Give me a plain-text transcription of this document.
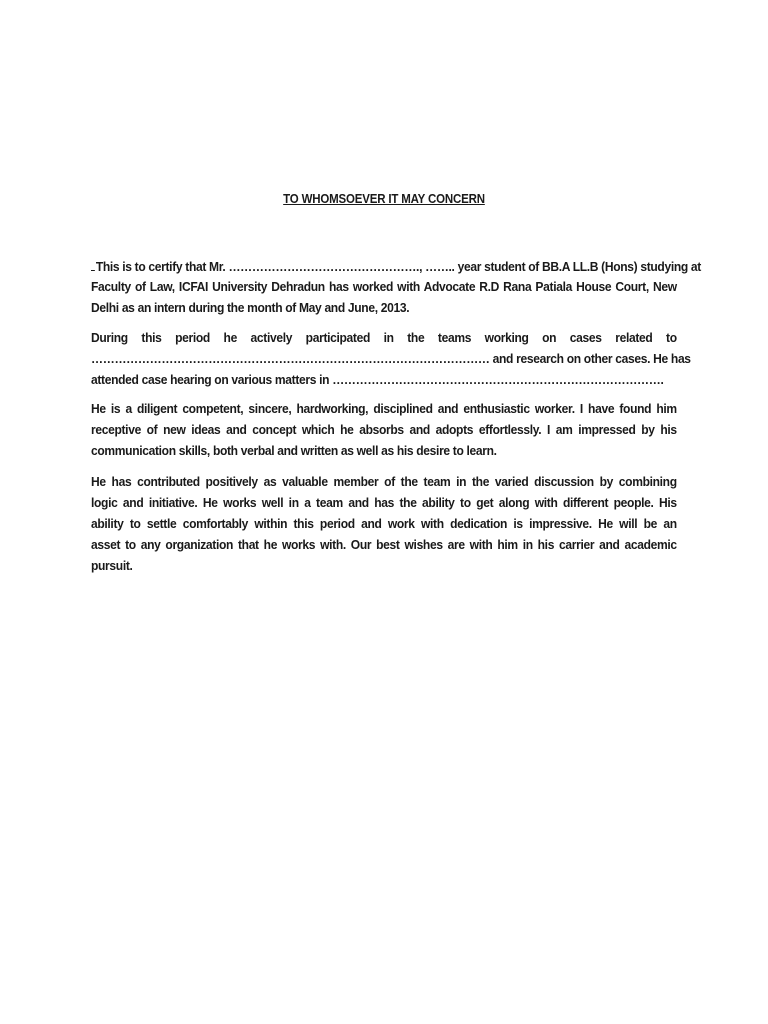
TO WHOMSOEVER IT MAY CONCERN
This is to certify that Mr. …………………………………………., …….. year student of BB.A LL.B (Hons) studying at
Faculty of Law, ICFAI University Dehradun has worked with Advocate R.D Rana Patiala House Court, New
Delhi as an intern during the month of May and June, 2013.
During this period he actively participated in the teams working on cases related to
………………………………………………………………………………………… and research on other cases. He has
attended case hearing on various matters in ………………………………………………………………………….
He is a diligent competent, sincere, hardworking, disciplined and enthusiastic worker. I have found him
receptive of new ideas and concept which he absorbs and adopts effortlessly. I am impressed by his
communication skills, both verbal and written as well as his desire to learn.
He has contributed positively as valuable member of the team in the varied discussion by combining
logic and initiative. He works well in a team and has the ability to get along with different people. His
ability to settle comfortably within this period and work with dedication is impressive. He will be an
asset to any organization that he works with. Our best wishes are with him in his carrier and academic
pursuit.
